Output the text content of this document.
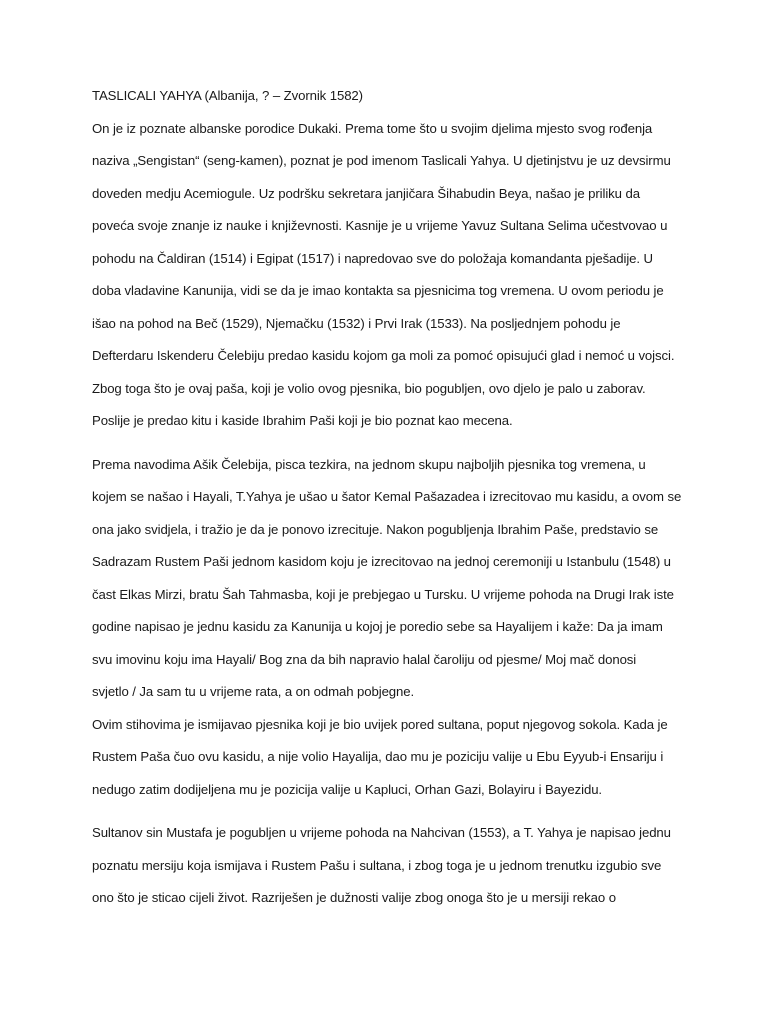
TASLICALI YAHYA (Albanija, ? – Zvornik 1582)
On je iz poznate albanske porodice Dukaki. Prema tome što u svojim djelima mjesto svog rođenja
naziva „Sengistan“ (seng-kamen), poznat je pod imenom Taslicali Yahya. U djetinjstvu je uz devsirmu
doveden medju Acemiogule. Uz podršku sekretara janjičara Šihabudin Beya, našao je priliku da
poveća svoje znanje iz nauke i književnosti. Kasnije je u vrijeme Yavuz Sultana Selima učestvovao u
pohodu na Čaldiran (1514) i Egipat (1517) i napredovao sve do položaja komandanta pješadije. U
doba vladavine Kanunija, vidi se da je imao kontakta sa pjesnicima tog vremena. U ovom periodu je
išao na pohod na Beč (1529), Njemačku (1532) i Prvi Irak (1533). Na posljednjem pohodu je
Defterdaru Iskenderu Čelebiju predao kasidu kojom ga moli za pomoć opisujući glad i nemoć u vojsci.
Zbog toga što je ovaj paša, koji je volio ovog pjesnika, bio pogubljen, ovo djelo je palo u zaborav.
Poslije je predao kitu i kaside Ibrahim Paši koji je bio poznat kao mecena.
Prema navodima Ašik Čelebija, pisca tezkira, na jednom skupu najboljih pjesnika tog vremena, u
kojem se našao i Hayali, T.Yahya je ušao u šator Kemal Pašazadea i izrecitovao mu kasidu, a ovom se
ona jako svidjela, i tražio je da je ponovo izrecituje. Nakon pogubljenja Ibrahim Paše, predstavio se
Sadrazam Rustem Paši jednom kasidom koju je izrecitovao na jednoj ceremoniji u Istanbulu (1548) u
čast Elkas Mirzi, bratu Šah Tahmasba, koji je prebjegao u Tursku. U vrijeme pohoda na Drugi Irak iste
godine napisao je jednu kasidu za Kanunija u kojoj je poredio sebe sa Hayalijem i kaže: Da ja imam
svu imovinu koju ima Hayali/ Bog zna da bih napravio halal čaroliju od pjesme/ Moj mač donosi
svjetlo / Ja sam tu u vrijeme rata, a on odmah pobjegne.
Ovim stihovima je ismijavao pjesnika koji je bio uvijek pored sultana, poput njegovog sokola. Kada je
Rustem Paša čuo ovu kasidu, a nije volio Hayalija, dao mu je poziciju valije u Ebu Eyyub-i Ensariju i
nedugo zatim dodijeljena mu je pozicija valije u Kapluci, Orhan Gazi, Bolayiru i Bayezidu.
Sultanov sin Mustafa je pogubljen u vrijeme pohoda na Nahcivan (1553), a T. Yahya je napisao jednu
poznatu mersiju koja ismijava i Rustem Pašu i sultana, i zbog toga je u jednom trenutku izgubio sve
ono što je sticao cijeli život. Razriješen je dužnosti valije zbog onoga što je u mersiji rekao o
